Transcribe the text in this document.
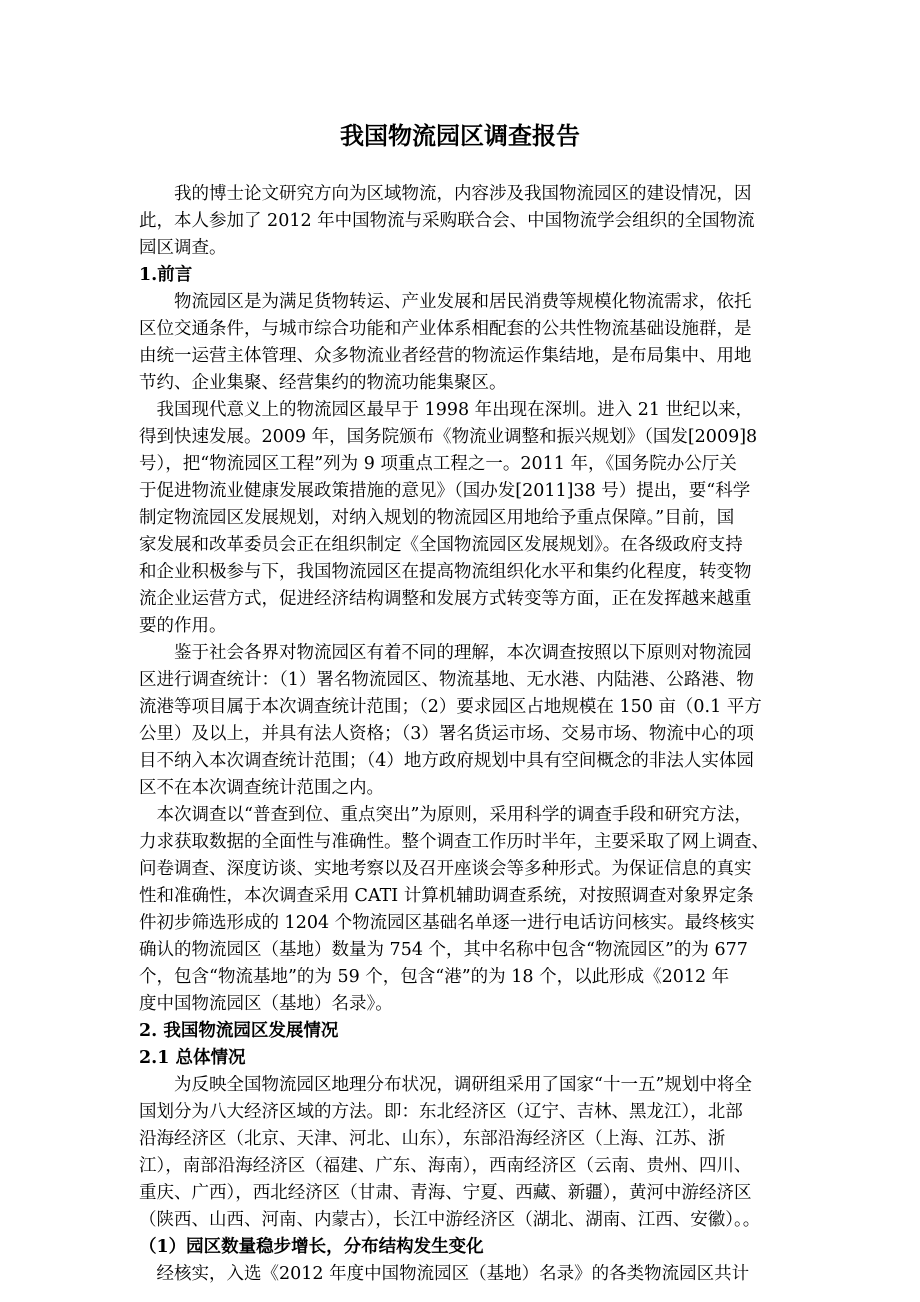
我国物流园区调查报告

　　我的博士论文研究方向为区域物流，内容涉及我国物流园区的建设情况，因

此，本人参加了 2012 年中国物流与采购联合会、中国物流学会组织的全国物流

园区调查。

1.前言

　　物流园区是为满足货物转运、产业发展和居民消费等规模化物流需求，依托

区位交通条件，与城市综合功能和产业体系相配套的公共性物流基础设施群，是

由统一运营主体管理、众多物流业者经营的物流运作集结地，是布局集中、用地

节约、企业集聚、经营集约的物流功能集聚区。

　我国现代意义上的物流园区最早于 1998 年出现在深圳。进入 21 世纪以来，

得到快速发展。2009 年，国务院颁布《物流业调整和振兴规划》（国发[2009]8

号），把“物流园区工程”列为 9 项重点工程之一。2011 年，《国务院办公厅关

于促进物流业健康发展政策措施的意见》（国办发[2011]38 号）提出，要“科学

制定物流园区发展规划，对纳入规划的物流园区用地给予重点保障。”目前，国

家发展和改革委员会正在组织制定《全国物流园区发展规划》。在各级政府支持

和企业积极参与下，我国物流园区在提高物流组织化水平和集约化程度，转变物

流企业运营方式，促进经济结构调整和发展方式转变等方面，正在发挥越来越重

要的作用。

　　鉴于社会各界对物流园区有着不同的理解，本次调查按照以下原则对物流园

区进行调查统计：（1）署名物流园区、物流基地、无水港、内陆港、公路港、物

流港等项目属于本次调查统计范围；（2）要求园区占地规模在 150 亩（0.1 平方

公里）及以上，并具有法人资格；（3）署名货运市场、交易市场、物流中心的项

目不纳入本次调查统计范围；（4）地方政府规划中具有空间概念的非法人实体园

区不在本次调查统计范围之内。

　本次调查以“普查到位、重点突出”为原则，采用科学的调查手段和研究方法，

力求获取数据的全面性与准确性。整个调查工作历时半年，主要采取了网上调查、

问卷调查、深度访谈、实地考察以及召开座谈会等多种形式。为保证信息的真实

性和准确性，本次调查采用 CATI 计算机辅助调查系统，对按照调查对象界定条

件初步筛选形成的 1204 个物流园区基础名单逐一进行电话访问核实。最终核实

确认的物流园区（基地）数量为 754 个，其中名称中包含“物流园区”的为 677

个，包含“物流基地”的为 59 个，包含“港”的为 18 个，以此形成《2012 年

度中国物流园区（基地）名录》。

2. 我国物流园区发展情况

2.1 总体情况

　　为反映全国物流园区地理分布状况，调研组采用了国家“十一五”规划中将全

国划分为八大经济区域的方法。即：东北经济区（辽宁、吉林、黑龙江），北部

沿海经济区（北京、天津、河北、山东），东部沿海经济区（上海、江苏、浙

江），南部沿海经济区（福建、广东、海南），西南经济区（云南、贵州、四川、

重庆、广西），西北经济区（甘肃、青海、宁夏、西藏、新疆），黄河中游经济区

（陕西、山西、河南、内蒙古），长江中游经济区（湖北、湖南、江西、安徽）。。

（1）园区数量稳步增长，分布结构发生变化

　经核实，入选《2012 年度中国物流园区（基地）名录》的各类物流园区共计
